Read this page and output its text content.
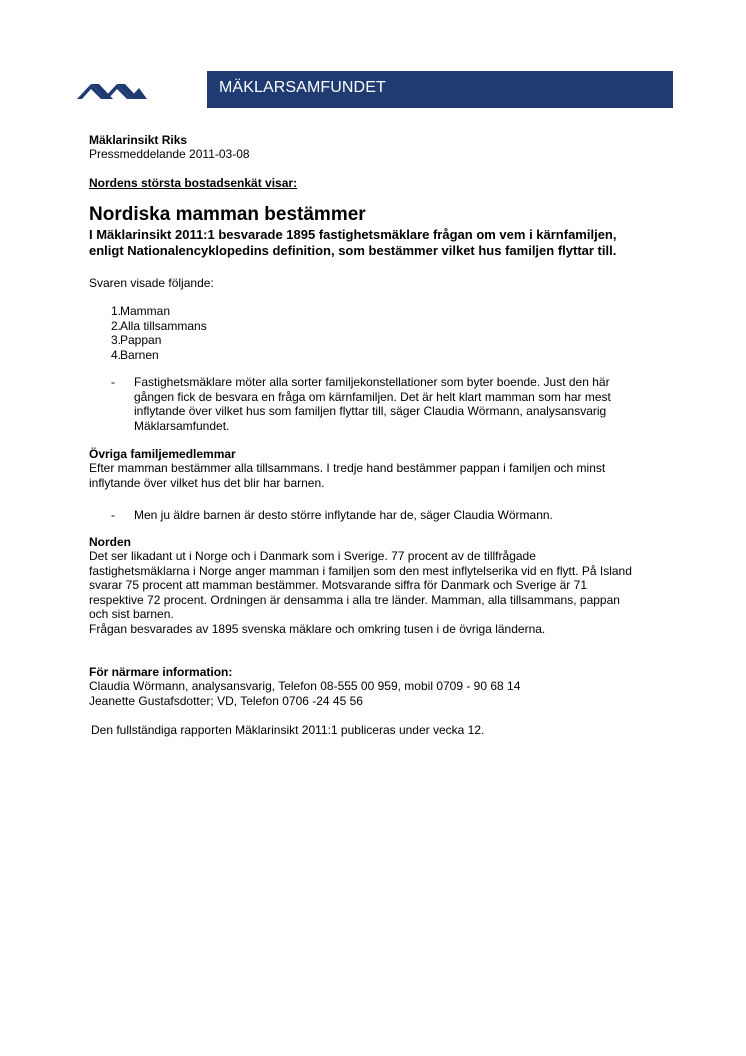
MÄKLARSAMFUNDET
Mäklarinsikt Riks
Pressmeddelande 2011-03-08
Nordens största bostadsenkät visar:
Nordiska mamman bestämmer
I Mäklarinsikt 2011:1 besvarade 1895 fastighetsmäklare frågan om vem i kärnfamiljen,
enligt Nationalencyklopedins definition, som bestämmer vilket hus familjen flyttar till.
Svaren visade följande:
1.
Mamman
2.
Alla tillsammans
3.
Pappan
4.
Barnen
- Fastighetsmäklare möter alla sorter familjekonstellationer som byter boende. Just den här
gången fick de besvara en fråga om kärnfamiljen. Det är helt klart mamman som har mest
inflytande över vilket hus som familjen flyttar till, säger Claudia Wörmann, analysansvarig
Mäklarsamfundet.
Övriga familjemedlemmar
Efter mamman bestämmer alla tillsammans. I tredje hand bestämmer pappan i familjen och minst
inflytande över vilket hus det blir har barnen.
- Men ju äldre barnen är desto större inflytande har de, säger Claudia Wörmann.
Norden
Det ser likadant ut i Norge och i Danmark som i Sverige. 77 procent av de tillfrågade
fastighetsmäklarna i Norge anger mamman i familjen som den mest inflytelserika vid en flytt. På Island
svarar 75 procent att mamman bestämmer. Motsvarande siffra för Danmark och Sverige är 71
respektive 72 procent. Ordningen är densamma i alla tre länder. Mamman, alla tillsammans, pappan
och sist barnen.
Frågan besvarades av 1895 svenska mäklare och omkring tusen i de övriga länderna.
För närmare information:
Claudia Wörmann, analysansvarig, Telefon 08-555 00 959, mobil 0709 - 90 68 14
Jeanette Gustafsdotter; VD, Telefon 0706 -24 45 56
Den fullständiga rapporten Mäklarinsikt 2011:1 publiceras under vecka 12.
